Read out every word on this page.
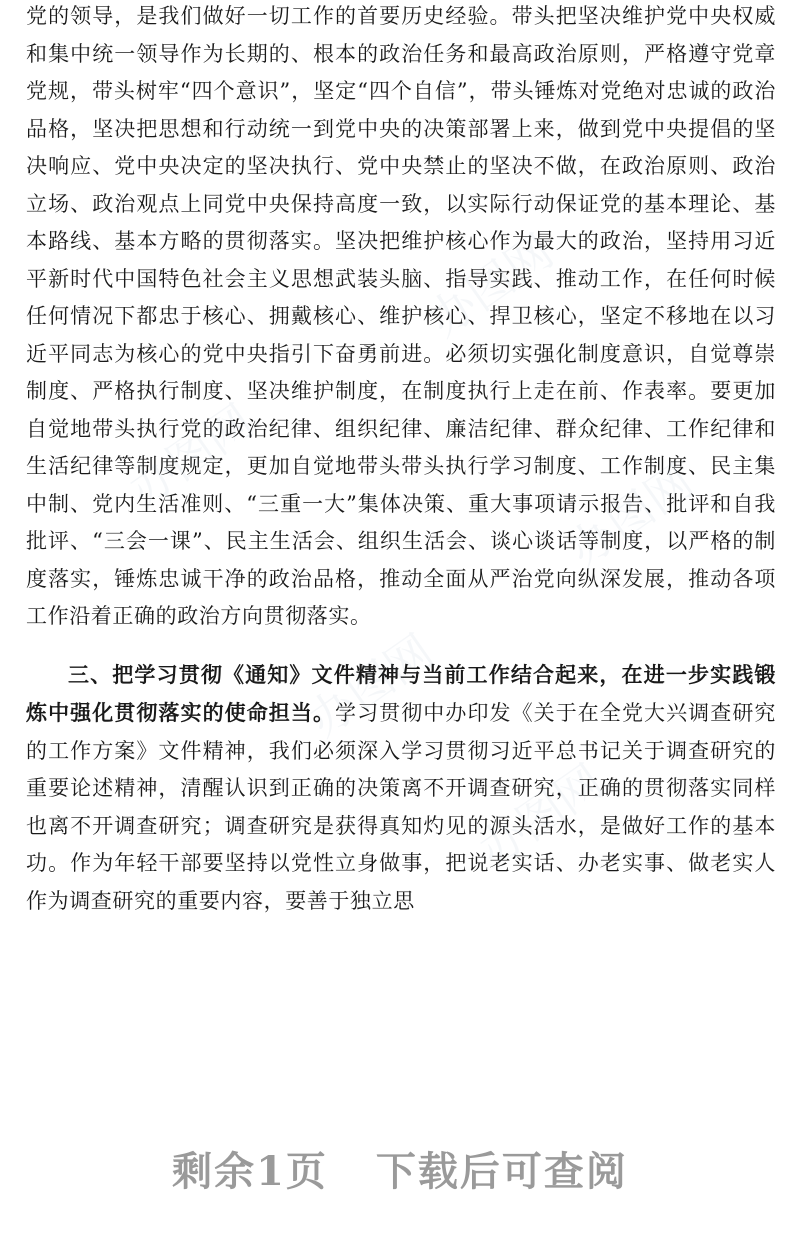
党的领导，是我们做好一切工作的首要历史经验。带头把坚决维护党中央权威和集中统一领导作为长期的、根本的政治任务和最高政治原则，严格遵守党章党规，带头树牢“四个意识”，坚定“四个自信”，带头锤炼对党绝对忠诚的政治品格，坚决把思想和行动统一到党中央的决策部署上来，做到党中央提倡的坚决响应、党中央决定的坚决执行、党中央禁止的坚决不做，在政治原则、政治立场、政治观点上同党中央保持高度一致，以实际行动保证党的基本理论、基本路线、基本方略的贯彻落实。坚决把维护核心作为最大的政治，坚持用习近平新时代中国特色社会主义思想武装头脑、指导实践、推动工作，在任何时候任何情况下都忠于核心、拥戴核心、维护核心、捍卫核心，坚定不移地在以习近平同志为核心的党中央指引下奋勇前进。必须切实强化制度意识，自觉尊崇制度、严格执行制度、坚决维护制度，在制度执行上走在前、作表率。要更加自觉地带头执行党的政治纪律、组织纪律、廉洁纪律、群众纪律、工作纪律和生活纪律等制度规定，更加自觉地带头带头执行学习制度、工作制度、民主集中制、党内生活准则、“三重一大”集体决策、重大事项请示报告、批评和自我批评、“三会一课”、民主生活会、组织生活会、谈心谈话等制度，以严格的制度落实，锤炼忠诚干净的政治品格，推动全面从严治党向纵深发展，推动各项工作沿着正确的政治方向贯彻落实。

三、把学习贯彻《通知》文件精神与当前工作结合起来，在进一步实践锻炼中强化贯彻落实的使命担当。学习贯彻中办印发《关于在全党大兴调查研究的工作方案》文件精神，我们必须深入学习贯彻习近平总书记关于调查研究的重要论述精神，清醒认识到正确的决策离不开调查研究，正确的贯彻落实同样也离不开调查研究；调查研究是获得真知灼见的源头活水，是做好工作的基本功。作为年轻干部要坚持以党性立身做事，把说老实话、办老实事、做老实人作为调查研究的重要内容，要善于独立思

办图网
办图网
办图网
办图网
办图网
剩余1页 下载后可查阅
